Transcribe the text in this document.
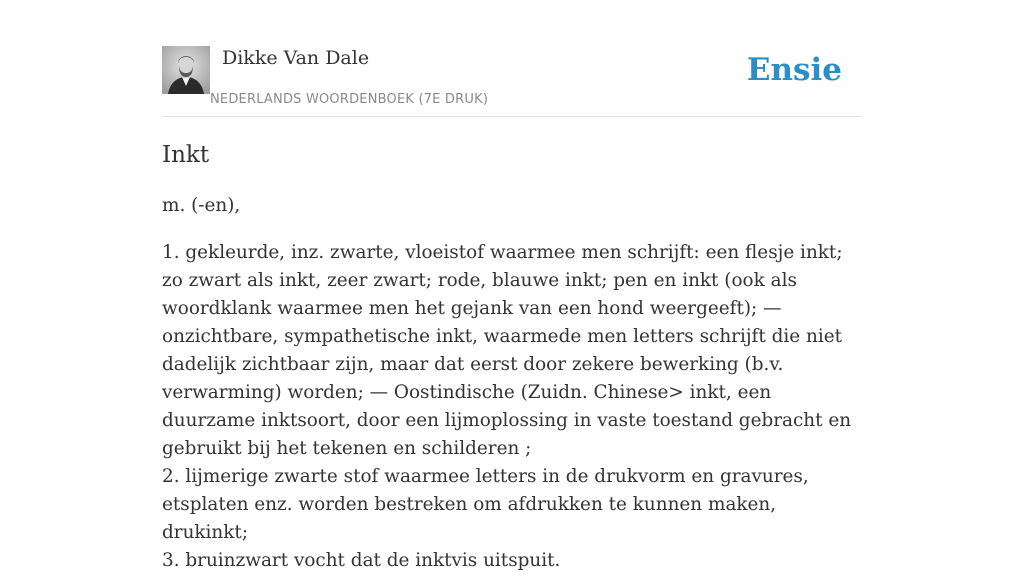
Dikke Van Dale
NEDERLANDS WOORDENBOEK (7E DRUK)
Ensie
Inkt

m. (-en),

1. gekleurde, inz. zwarte, vloeistof waarmee men schrijft: een flesje inkt; zo zwart als inkt, zeer zwart; rode, blauwe inkt; pen en inkt (ook als woordklank waarmee men het gejank van een hond weergeeft); — onzichtbare, sympathetische inkt, waarmede men letters schrijft die niet dadelijk zichtbaar zijn, maar dat eerst door zekere bewerking (b.v. verwarming) worden; — Oostindische (Zuidn. Chinese> inkt, een duurzame inktsoort, door een lijmoplossing in vaste toestand gebracht en gebruikt bij het tekenen en schilderen ;

2. lijmerige zwarte stof waarmee letters in de drukvorm en gravures, etsplaten enz. worden bestreken om afdrukken te kunnen maken, drukinkt;

3. bruinzwart vocht dat de inktvis uitspuit.
